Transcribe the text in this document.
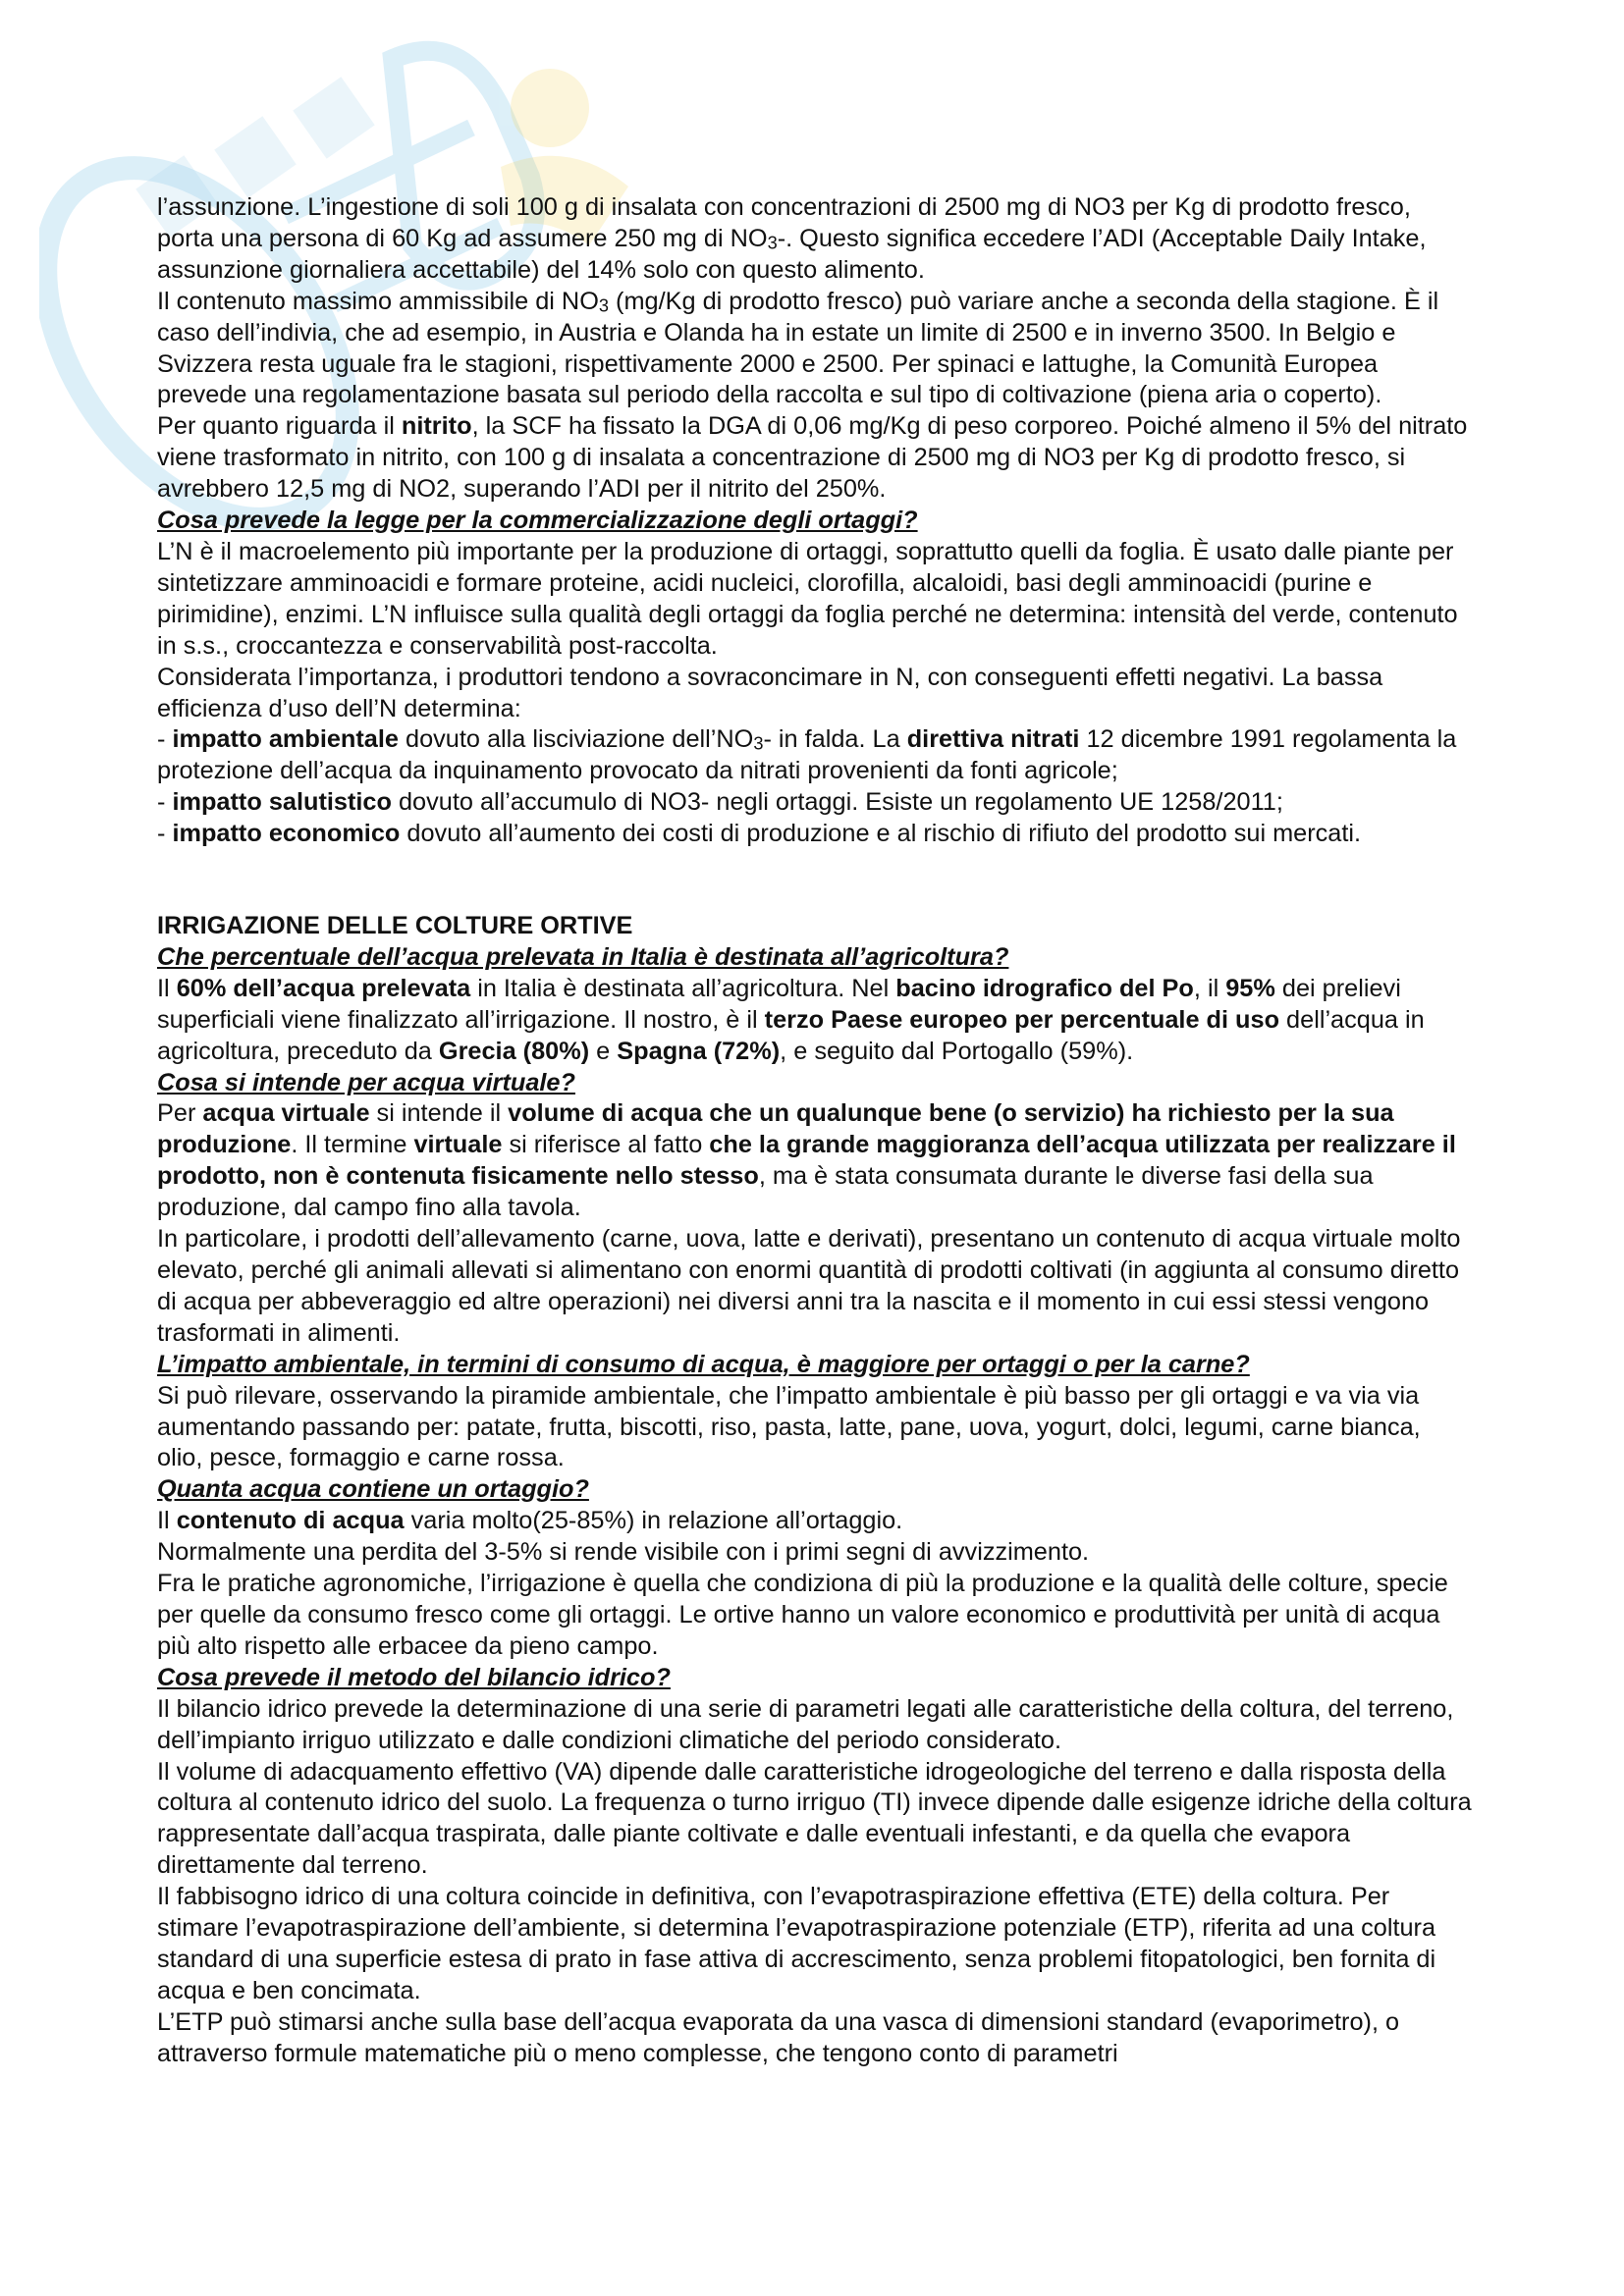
l’assunzione. L’ingestione di soli 100 g di insalata con concentrazioni di 2500 mg di NO3 per Kg di prodotto fresco, porta una persona di 60 Kg ad assumere 250 mg di $NO_3-$. Questo significa eccedere l’ADI (Acceptable Daily Intake, assunzione giornaliera accettabile) del 14% solo con questo alimento.

Il contenuto massimo ammissibile di $NO_3$ (mg/Kg di prodotto fresco) può variare anche a seconda della stagione. È il caso dell’indivia, che ad esempio, in Austria e Olanda ha in estate un limite di 2500 e in inverno 3500. In Belgio e Svizzera resta uguale fra le stagioni, rispettivamente 2000 e 2500. Per spinaci e lattughe, la Comunità Europea prevede una regolamentazione basata sul periodo della raccolta e sul tipo di coltivazione (piena aria o coperto).

Per quanto riguarda il nitrito, la SCF ha fissato la DGA di 0,06 mg/Kg di peso corporeo. Poiché almeno il 5% del nitrato viene trasformato in nitrito, con 100 g di insalata a concentrazione di 2500 mg di NO3 per Kg di prodotto fresco, si avrebbero 12,5 mg di NO2, superando l’ADI per il nitrito del 250%.

Cosa prevede la legge per la commercializzazione degli ortaggi?

L’N è il macroelemento più importante per la produzione di ortaggi, soprattutto quelli da foglia. È usato dalle piante per sintetizzare amminoacidi e formare proteine, acidi nucleici, clorofilla, alcaloidi, basi degli amminoacidi (purine e pirimidine), enzimi. L’N influisce sulla qualità degli ortaggi da foglia perché ne determina: intensità del verde, contenuto in s.s., croccantezza e conservabilità post-raccolta.

Considerata l’importanza, i produttori tendono a sovraconcimare in N, con conseguenti effetti negativi. La bassa efficienza d’uso dell’N determina:

- impatto ambientale dovuto alla lisciviazione $dell’NO_3-$ in falda. La direttiva nitrati 12 dicembre 1991 regolamenta la protezione dell’acqua da inquinamento provocato da nitrati provenienti da fonti agricole;

- impatto salutistico dovuto all’accumulo di NO3- negli ortaggi. Esiste un regolamento UE 1258/2011;

- impatto economico dovuto all’aumento dei costi di produzione e al rischio di rifiuto del prodotto sui mercati.

IRRIGAZIONE DELLE COLTURE ORTIVE

Che percentuale dell’acqua prelevata in Italia è destinata all’agricoltura?

Il 60% dell’acqua prelevata in Italia è destinata all’agricoltura. Nel bacino idrografico del Po, il 95% dei prelievi superficiali viene finalizzato all’irrigazione. Il nostro, è il terzo Paese europeo per percentuale di uso dell’acqua in agricoltura, preceduto da Grecia (80%) e Spagna (72%), e seguito dal Portogallo (59%).

Cosa si intende per acqua virtuale?

Per acqua virtuale si intende il volume di acqua che un qualunque bene (o servizio) ha richiesto per la sua produzione. Il termine virtuale si riferisce al fatto che la grande maggioranza dell’acqua utilizzata per realizzare il prodotto, non è contenuta fisicamente nello stesso, ma è stata consumata durante le diverse fasi della sua produzione, dal campo fino alla tavola.

In particolare, i prodotti dell’allevamento (carne, uova, latte e derivati), presentano un contenuto di acqua virtuale molto elevato, perché gli animali allevati si alimentano con enormi quantità di prodotti coltivati (in aggiunta al consumo diretto di acqua per abbeveraggio ed altre operazioni) nei diversi anni tra la nascita e il momento in cui essi stessi vengono trasformati in alimenti.

L’impatto ambientale, in termini di consumo di acqua, è maggiore per ortaggi o per la carne?

Si può rilevare, osservando la piramide ambientale, che l’impatto ambientale è più basso per gli ortaggi e va via via aumentando passando per: patate, frutta, biscotti, riso, pasta, latte, pane, uova, yogurt, dolci, legumi, carne bianca, olio, pesce, formaggio e carne rossa.

Quanta acqua contiene un ortaggio?

Il contenuto di acqua varia molto(25-85%) in relazione all’ortaggio.

Normalmente una perdita del 3-5% si rende visibile con i primi segni di avvizzimento.

Fra le pratiche agronomiche, l’irrigazione è quella che condiziona di più la produzione e la qualità delle colture, specie per quelle da consumo fresco come gli ortaggi. Le ortive hanno un valore economico e produttività per unità di acqua più alto rispetto alle erbacee da pieno campo.

Cosa prevede il metodo del bilancio idrico?

Il bilancio idrico prevede la determinazione di una serie di parametri legati alle caratteristiche della coltura, del terreno, dell’impianto irriguo utilizzato e dalle condizioni climatiche del periodo considerato.

Il volume di adacquamento effettivo (VA) dipende dalle caratteristiche idrogeologiche del terreno e dalla risposta della coltura al contenuto idrico del suolo. La frequenza o turno irriguo (TI) invece dipende dalle esigenze idriche della coltura rappresentate dall’acqua traspirata, dalle piante coltivate e dalle eventuali infestanti, e da quella che evapora direttamente dal terreno.

Il fabbisogno idrico di una coltura coincide in definitiva, con l’evapotraspirazione effettiva (ETE) della coltura. Per stimare l’evapotraspirazione dell’ambiente, si determina l’evapotraspirazione potenziale (ETP), riferita ad una coltura standard di una superficie estesa di prato in fase attiva di accrescimento, senza problemi fitopatologici, ben fornita di acqua e ben concimata.

L’ETP può stimarsi anche sulla base dell’acqua evaporata da una vasca di dimensioni standard (evaporimetro), o attraverso formule matematiche più o meno complesse, che tengono conto di parametri
